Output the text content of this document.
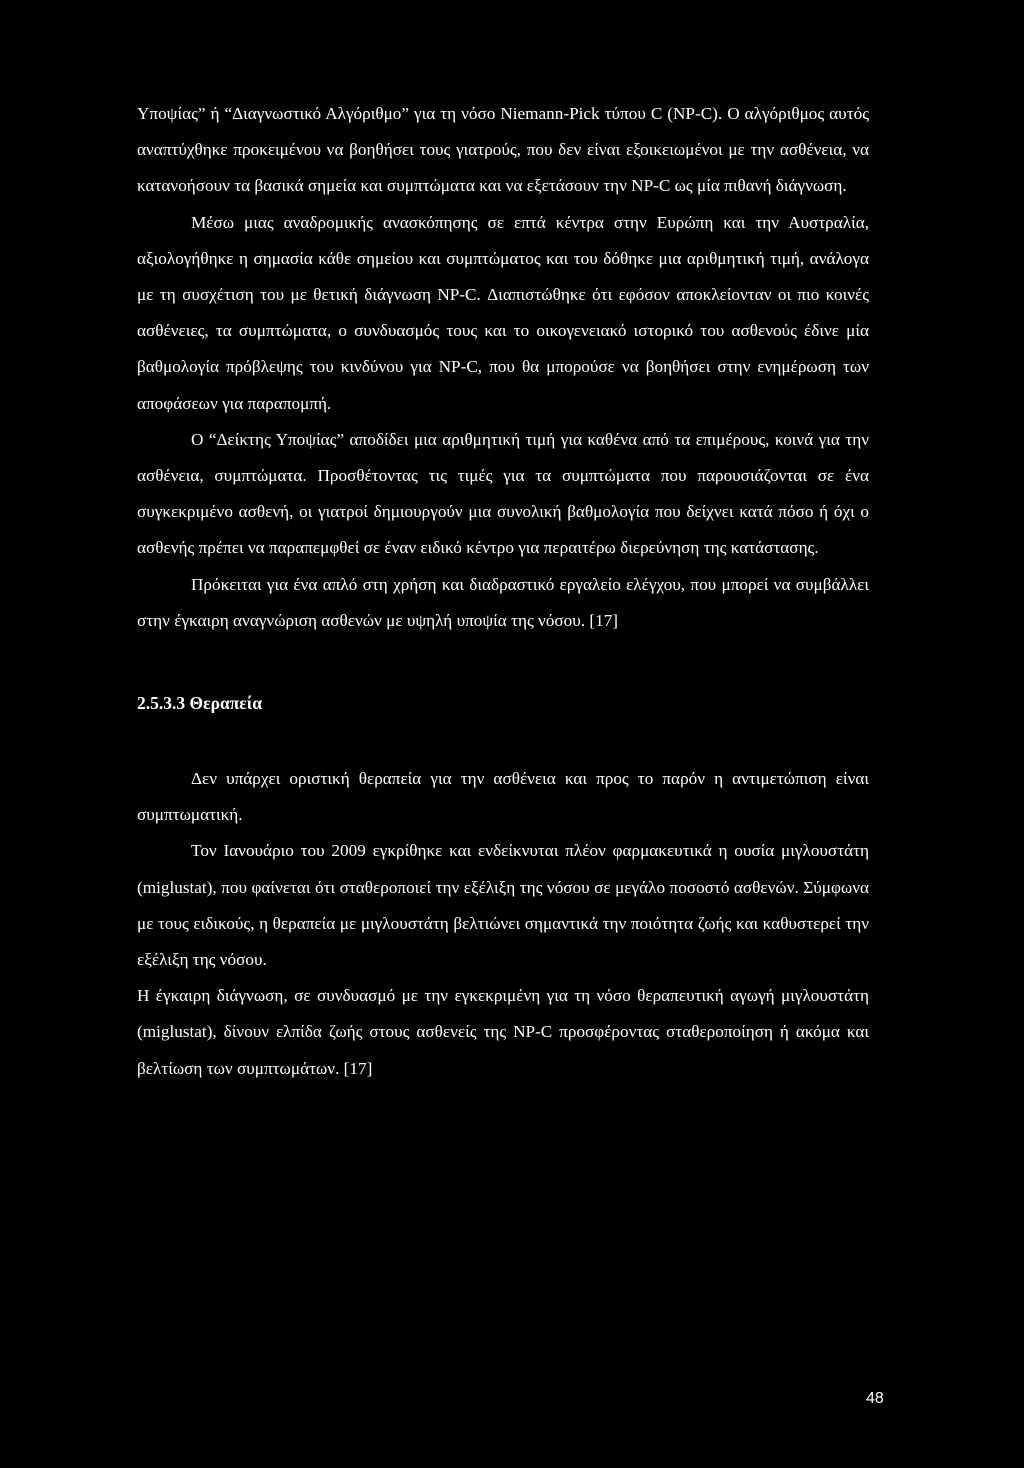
Υποψίας” ή “Διαγνωστικό Αλγόριθμο” για τη νόσο Niemann-Pick τύπου C (NP-C). Ο αλγόριθμος αυτός αναπτύχθηκε προκειμένου να βοηθήσει τους γιατρούς, που δεν είναι εξοικειωμένοι με την ασθένεια, να κατανοήσουν τα βασικά σημεία και συμπτώματα και να εξετάσουν την NP-C ως μία πιθανή διάγνωση.

Μέσω μιας αναδρομικής ανασκόπησης σε επτά κέντρα στην Ευρώπη και την Αυστραλία, αξιολογήθηκε η σημασία κάθε σημείου και συμπτώματος και του δόθηκε μια αριθμητική τιμή, ανάλογα με τη συσχέτιση του με θετική διάγνωση NP-C. Διαπιστώθηκε ότι εφόσον αποκλείονταν οι πιο κοινές ασθένειες, τα συμπτώματα, ο συνδυασμός τους και το οικογενειακό ιστορικό του ασθενούς έδινε μία βαθμολογία πρόβλεψης του κινδύνου για NP-C, που θα μπορούσε να βοηθήσει στην ενημέρωση των αποφάσεων για παραπομπή.

Ο “Δείκτης Υποψίας” αποδίδει μια αριθμητική τιμή για καθένα από τα επιμέρους, κοινά για την ασθένεια, συμπτώματα. Προσθέτοντας τις τιμές για τα συμπτώματα που παρουσιάζονται σε ένα συγκεκριμένο ασθενή, οι γιατροί δημιουργούν μια συνολική βαθμολογία που δείχνει κατά πόσο ή όχι ο ασθενής πρέπει να παραπεμφθεί σε έναν ειδικό κέντρο για περαιτέρω διερεύνηση της κατάστασης.

Πρόκειται για ένα απλό στη χρήση και διαδραστικό εργαλείο ελέγχου, που μπορεί να συμβάλλει στην έγκαιρη αναγνώριση ασθενών με υψηλή υποψία της νόσου. [17]

2.5.3.3 Θεραπεία

Δεν υπάρχει οριστική θεραπεία για την ασθένεια και προς το παρόν η αντιμετώπιση είναι συμπτωματική.

Τον Ιανουάριο του 2009 εγκρίθηκε και ενδείκνυται πλέον φαρμακευτικά η ουσία μιγλουστάτη (miglustat), που φαίνεται ότι σταθεροποιεί την εξέλιξη της νόσου σε μεγάλο ποσοστό ασθενών. Σύμφωνα με τους ειδικούς, η θεραπεία με μιγλουστάτη βελτιώνει σημαντικά την ποιότητα ζωής και καθυστερεί την εξέλιξη της νόσου.

Η έγκαιρη διάγνωση, σε συνδυασμό με την εγκεκριμένη για τη νόσο θεραπευτική αγωγή μιγλουστάτη (miglustat), δίνουν ελπίδα ζωής στους ασθενείς της NP-C προσφέροντας σταθεροποίηση ή ακόμα και βελτίωση των συμπτωμάτων. [17]

48
